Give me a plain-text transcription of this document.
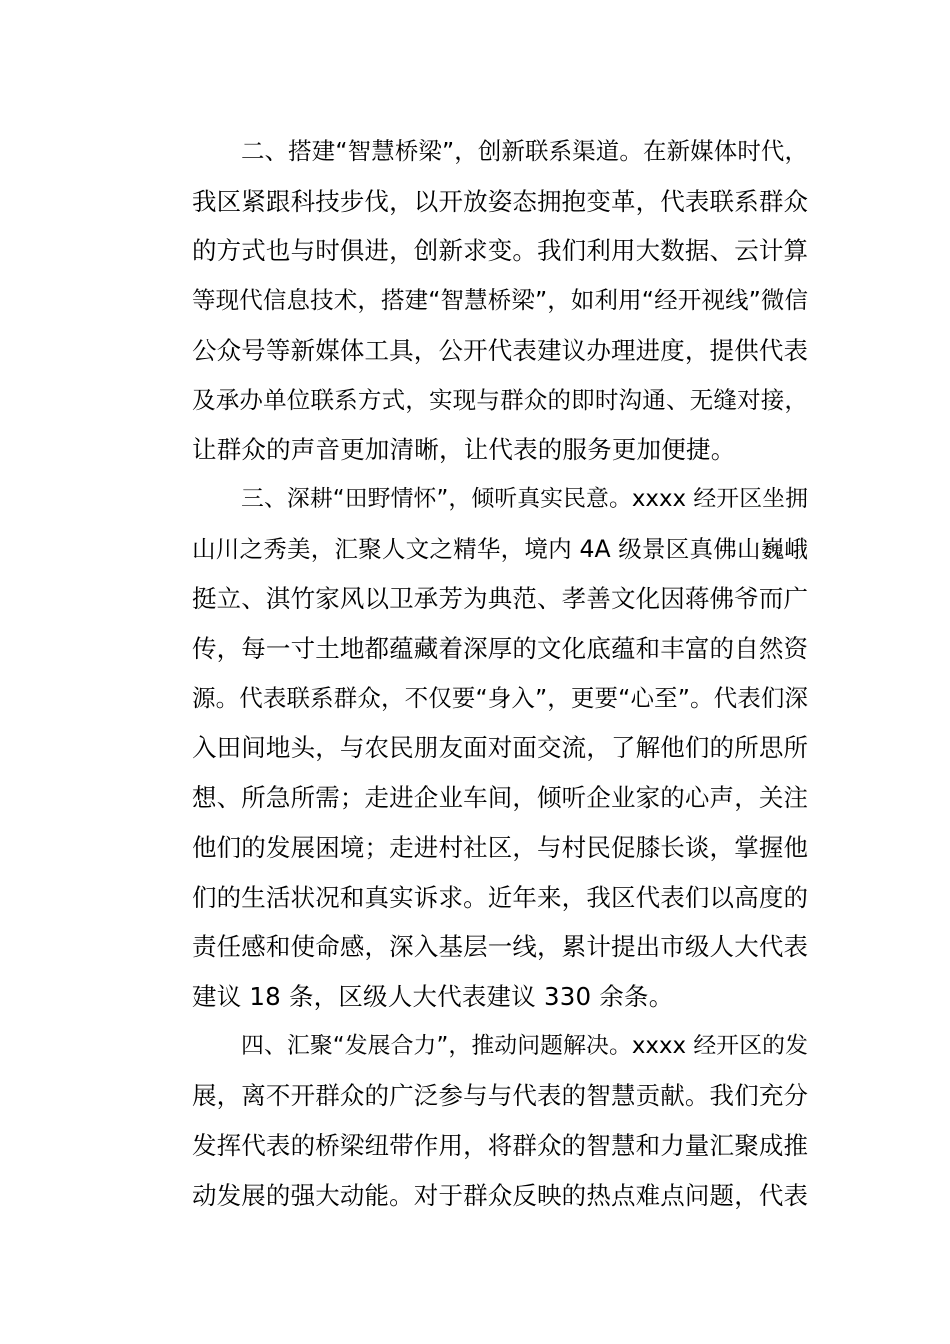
二、搭建“智慧桥梁”，创新联系渠道。在新媒体时代，
我区紧跟科技步伐，以开放姿态拥抱变革，代表联系群众
的方式也与时俱进，创新求变。我们利用大数据、云计算
等现代信息技术，搭建“智慧桥梁”，如利用“经开视线”微信
公众号等新媒体工具，公开代表建议办理进度，提供代表
及承办单位联系方式，实现与群众的即时沟通、无缝对接，
让群众的声音更加清晰，让代表的服务更加便捷。
三、深耕“田野情怀”，倾听真实民意。xxxx 经开区坐拥
山川之秀美，汇聚人文之精华，境内 4A 级景区真佛山巍峨
挺立、淇竹家风以卫承芳为典范、孝善文化因蒋佛爷而广
传，每一寸土地都蕴藏着深厚的文化底蕴和丰富的自然资
源。代表联系群众，不仅要“身入”，更要“心至”。代表们深
入田间地头，与农民朋友面对面交流，了解他们的所思所
想、所急所需；走进企业车间，倾听企业家的心声，关注
他们的发展困境；走进村社区，与村民促膝长谈，掌握他
们的生活状况和真实诉求。近年来，我区代表们以高度的
责任感和使命感，深入基层一线，累计提出市级人大代表
建议 18 条，区级人大代表建议 330 余条。
四、汇聚“发展合力”，推动问题解决。xxxx 经开区的发
展，离不开群众的广泛参与与代表的智慧贡献。我们充分
发挥代表的桥梁纽带作用，将群众的智慧和力量汇聚成推
动发展的强大动能。对于群众反映的热点难点问题，代表
